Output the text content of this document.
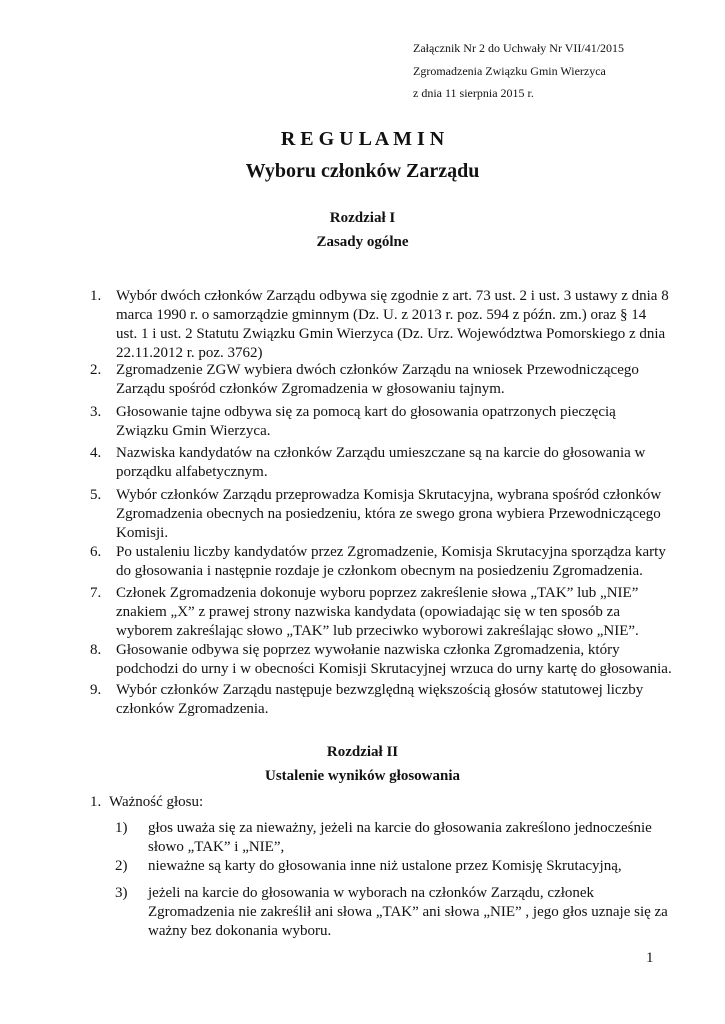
Załącznik Nr 2 do Uchwały Nr VII/41/2015
Zgromadzenia Związku Gmin Wierzyca
z dnia 11 sierpnia 2015 r.
R E G U L A M I N
Wyboru członków Zarządu
Rozdział I
Zasady ogólne
1. Wybór dwóch członków Zarządu odbywa się zgodnie z art. 73 ust. 2 i ust. 3 ustawy z dnia 8
marca 1990 r. o samorządzie gminnym (Dz. U. z 2013 r. poz. 594 z późn. zm.) oraz § 14
ust. 1 i ust. 2 Statutu Związku Gmin Wierzyca (Dz. Urz. Województwa Pomorskiego z dnia
22.11.2012 r. poz. 3762)
2. Zgromadzenie ZGW wybiera dwóch członków Zarządu na wniosek Przewodniczącego
Zarządu spośród członków Zgromadzenia w głosowaniu tajnym.
3. Głosowanie tajne odbywa się za pomocą kart do głosowania opatrzonych pieczęcią
Związku Gmin Wierzyca.
4. Nazwiska kandydatów na członków Zarządu umieszczane są na karcie do głosowania w
porządku alfabetycznym.
5. Wybór członków Zarządu przeprowadza Komisja Skrutacyjna, wybrana spośród członków
Zgromadzenia obecnych na posiedzeniu, która ze swego grona wybiera Przewodniczącego
Komisji.
6. Po ustaleniu liczby kandydatów przez Zgromadzenie, Komisja Skrutacyjna sporządza karty
do głosowania i następnie rozdaje je członkom obecnym na posiedzeniu Zgromadzenia.
7. Członek Zgromadzenia dokonuje wyboru poprzez zakreślenie słowa „TAK” lub „NIE”
znakiem „X” z prawej strony nazwiska kandydata (opowiadając się w ten sposób za
wyborem zakreślając słowo „TAK” lub przeciwko wyborowi zakreślając słowo „NIE”.
8. Głosowanie odbywa się poprzez wywołanie nazwiska członka Zgromadzenia, który
podchodzi do urny i w obecności Komisji Skrutacyjnej wrzuca do urny kartę do głosowania.
9. Wybór członków Zarządu następuje bezwzględną większością głosów statutowej liczby
członków Zgromadzenia.
Rozdział II
Ustalenie wyników głosowania
1. Ważność głosu:
1) głos uważa się za nieważny, jeżeli na karcie do głosowania zakreślono jednocześnie
słowo „TAK” i „NIE”,
2) nieważne są karty do głosowania inne niż ustalone przez Komisję Skrutacyjną,
3) jeżeli na karcie do głosowania w wyborach na członków Zarządu, członek
Zgromadzenia nie zakreślił ani słowa „TAK” ani słowa „NIE” , jego głos uznaje się za
ważny bez dokonania wyboru.
1
